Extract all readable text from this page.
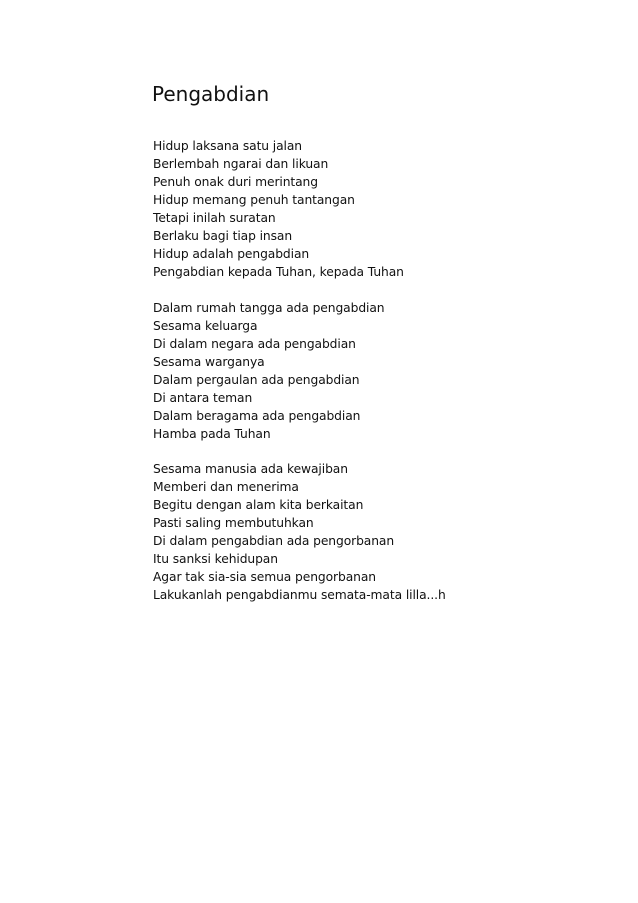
Pengabdian
Hidup laksana satu jalan
Berlembah ngarai dan likuan
Penuh onak duri merintang
Hidup memang penuh tantangan
Tetapi inilah suratan
Berlaku bagi tiap insan
Hidup adalah pengabdian
Pengabdian kepada Tuhan, kepada Tuhan
Dalam rumah tangga ada pengabdian
Sesama keluarga
Di dalam negara ada pengabdian
Sesama warganya
Dalam pergaulan ada pengabdian
Di antara teman
Dalam beragama ada pengabdian
Hamba pada Tuhan
Sesama manusia ada kewajiban
Memberi dan menerima
Begitu dengan alam kita berkaitan
Pasti saling membutuhkan
Di dalam pengabdian ada pengorbanan
Itu sanksi kehidupan
Agar tak sia-sia semua pengorbanan
Lakukanlah pengabdianmu semata-mata lilla...h
